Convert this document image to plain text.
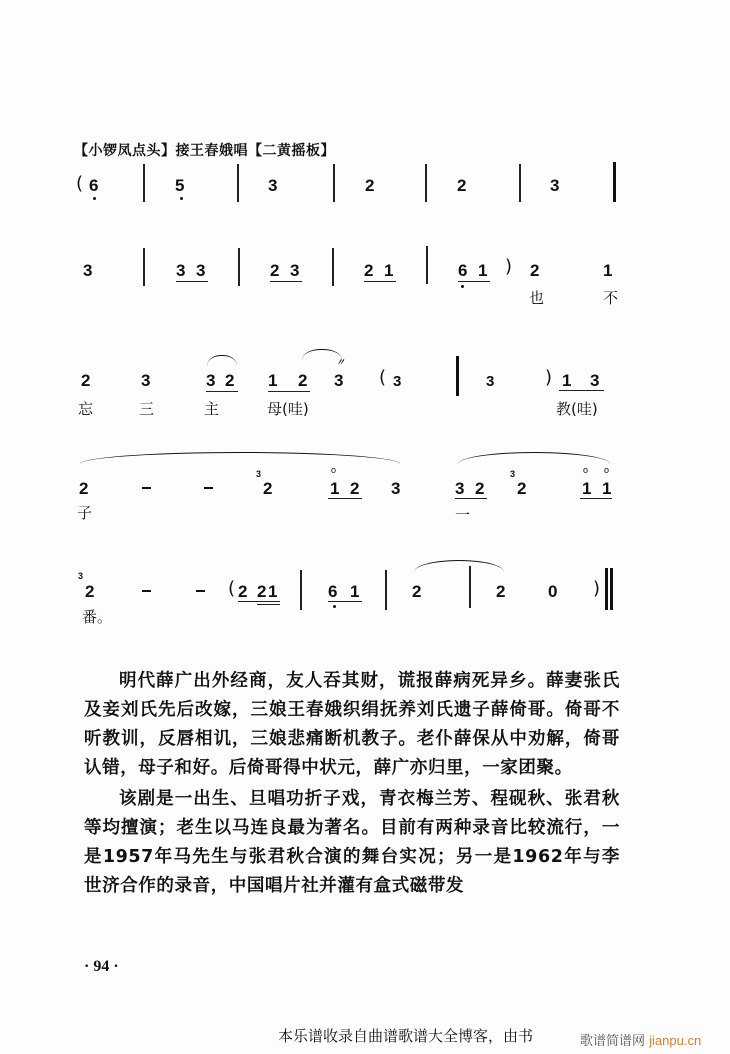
【小锣凤点头】接王春娥唱【二黄摇板】
( 6	5	3	2	2	3
3	3 3	2 3	2 1	6 1 ) 2	1
也	不
2	3	3 2 1 2
〃
3 ( 3	3	) 1 3
忘	三	主	母(哇)	教(哇)
2
3
2
o
1 2 3	3 2
3
2
o o
1 1
子	一
3
2	( 2 2 1	6 1	2	2	0 )
番。

明代薛广出外经商，友人吞其财，谎报薛病死异乡。薛妻张氏及妾刘氏先后改嫁，三娘王春娥织绢抚养刘氏遗子薛倚哥。倚哥不听教训，反唇相讥，三娘悲痛断机教子。老仆薛保从中劝解，倚哥认错，母子和好。后倚哥得中状元，薛广亦归里，一家团聚。

该剧是一出生、旦唱功折子戏，青衣梅兰芳、程砚秋、张君秋等均擅演；老生以马连良最为著名。目前有两种录音比较流行，一是1957年马先生与张君秋合演的舞台实况；另一是1962年与李世济合作的录音，中国唱片社并灌有盒式磁带发

· 94 ·
本乐谱收录自曲谱歌谱大全博客，由书	歌谱简谱网 jianpu.cn
